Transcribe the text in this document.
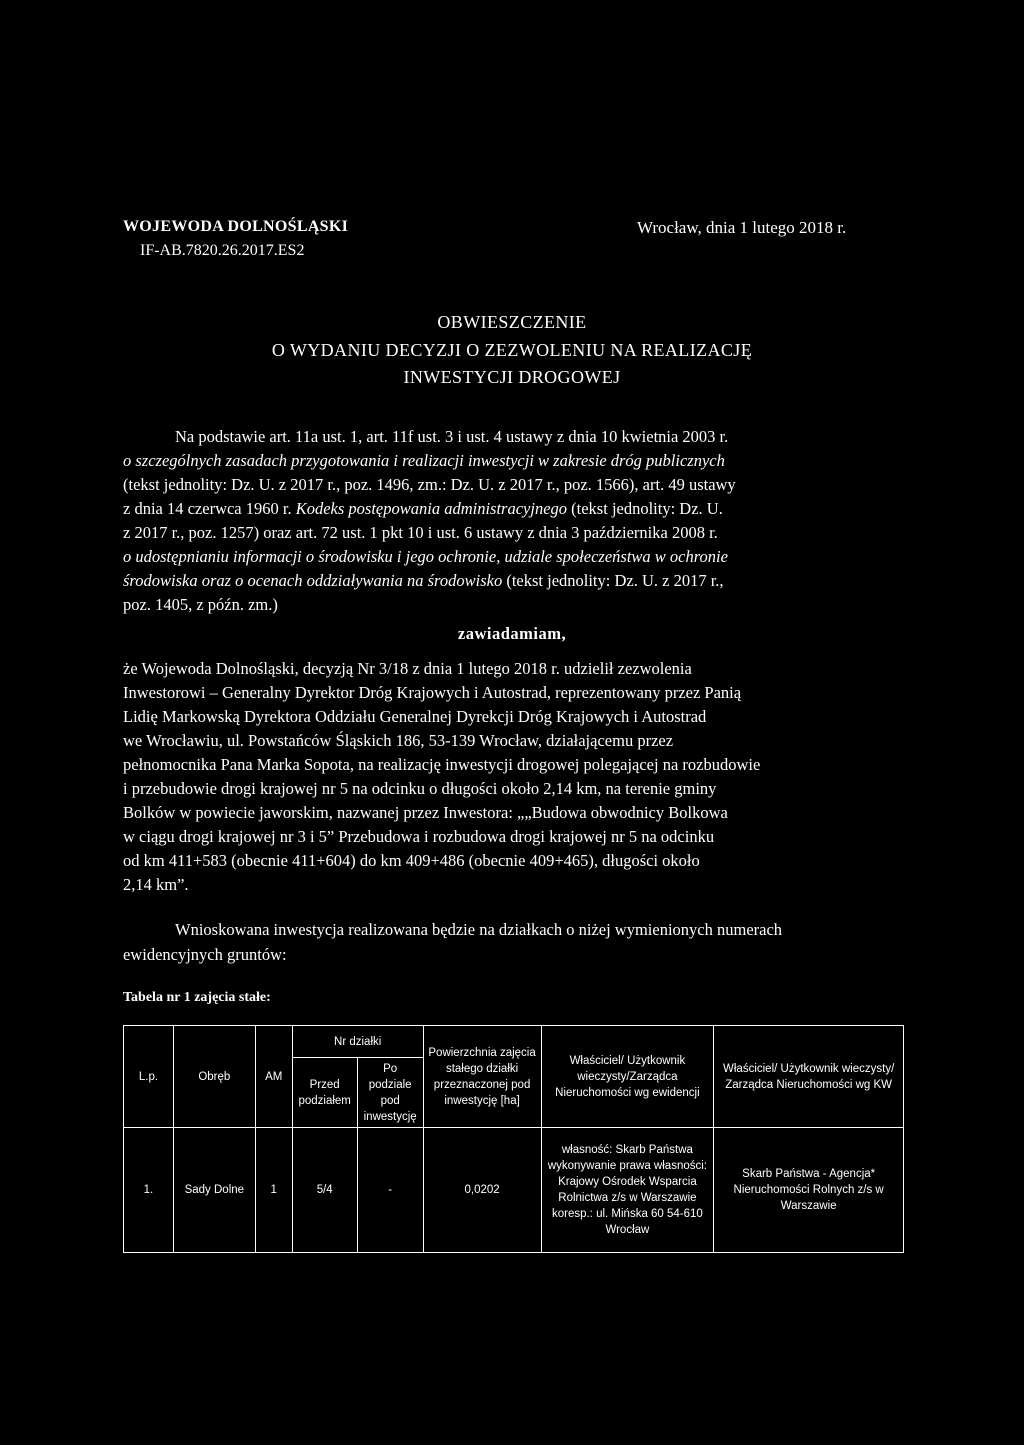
WOJEWODA DOLNOŚLĄSKI
IF-AB.7820.26.2017.ES2
Wrocław, dnia 1 lutego 2018 r.
OBWIESZCZENIE
O WYDANIU DECYZJI O ZEZWOLENIU NA REALIZACJĘ
INWESTYCJI DROGOWEJ
Na podstawie art. 11a ust. 1, art. 11f ust. 3 i ust. 4 ustawy z dnia 10 kwietnia 2003 r.
o szczególnych zasadach przygotowania i realizacji inwestycji w zakresie dróg publicznych
(tekst jednolity: Dz. U. z 2017 r., poz. 1496, zm.: Dz. U. z 2017 r., poz. 1566), art. 49 ustawy
z dnia 14 czerwca 1960 r. Kodeks postępowania administracyjnego (tekst jednolity: Dz. U.
z 2017 r., poz. 1257) oraz art. 72 ust. 1 pkt 10 i ust. 6 ustawy z dnia 3 października 2008 r.
o udostępnianiu informacji o środowisku i jego ochronie, udziale społeczeństwa w ochronie
środowiska oraz o ocenach oddziaływania na środowisko (tekst jednolity: Dz. U. z 2017 r.,
poz. 1405, z późn. zm.)
zawiadamiam,
że Wojewoda Dolnośląski, decyzją Nr 3/18 z dnia 1 lutego 2018 r. udzielił zezwolenia
Inwestorowi – Generalny Dyrektor Dróg Krajowych i Autostrad, reprezentowany przez Panią
Lidię Markowską Dyrektora Oddziału Generalnej Dyrekcji Dróg Krajowych i Autostrad
we Wrocławiu, ul. Powstańców Śląskich 186, 53-139 Wrocław, działającemu przez
pełnomocnika Pana Marka Sopota, na realizację inwestycji drogowej polegającej na rozbudowie
i przebudowie drogi krajowej nr 5 na odcinku o długości około 2,14 km, na terenie gminy
Bolków w powiecie jaworskim, nazwanej przez Inwestora: „„Budowa obwodnicy Bolkowa
w ciągu drogi krajowej nr 3 i 5” Przebudowa i rozbudowa drogi krajowej nr 5 na odcinku
od km 411+583 (obecnie 411+604) do km 409+486 (obecnie 409+465), długości około
2,14 km”.
Wnioskowana inwestycja realizowana będzie na działkach o niżej wymienionych numerach
ewidencyjnych gruntów:
Tabela nr 1 zajęcia stałe:
L.p.	Obręb	AM	Nr działki		Powierzchnia zajęcia stałego działki przeznaczonej pod inwestycję [ha]	Właściciel/ Użytkownik wieczysty/Zarządca Nieruchomości wg ewidencji	Właściciel/ Użytkownik wieczysty/ Zarządca Nieruchomości wg KW
			Przed podziałem	Po podziale pod inwestycję			
1.	Sady Dolne	1	5/4	-	0,0202	własność: Skarb Państwa wykonywanie prawa własności: Krajowy Ośrodek Wsparcia Rolnictwa z/s w Warszawie koresp.: ul. Mińska 60 54-610 Wrocław	Skarb Państwa - Agencja* Nieruchomości Rolnych z/s w Warszawie
